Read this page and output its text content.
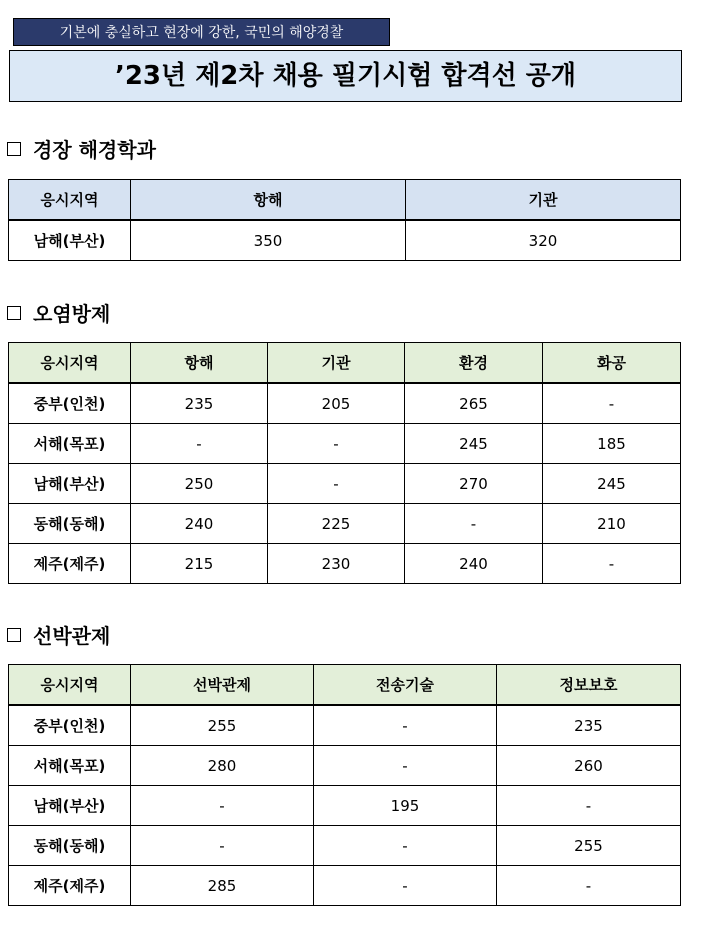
기본에 충실하고 현장에 강한, 국민의 해양경찰
’23년 제2차 채용 필기시험 합격선 공개
경장 해경학과
응시지역	항해	기관
남해(부산)	350	320
오염방제
응시지역	항해	기관	환경	화공
중부(인천)	235	205	265	-
서해(목포)	-	-	245	185
남해(부산)	250	-	270	245
동해(동해)	240	225	-	210
제주(제주)	215	230	240	-
선박관제
응시지역	선박관제	전송기술	정보보호
중부(인천)	255	-	235
서해(목포)	280	-	260
남해(부산)	-	195	-
동해(동해)	-	-	255
제주(제주)	285	-	-
